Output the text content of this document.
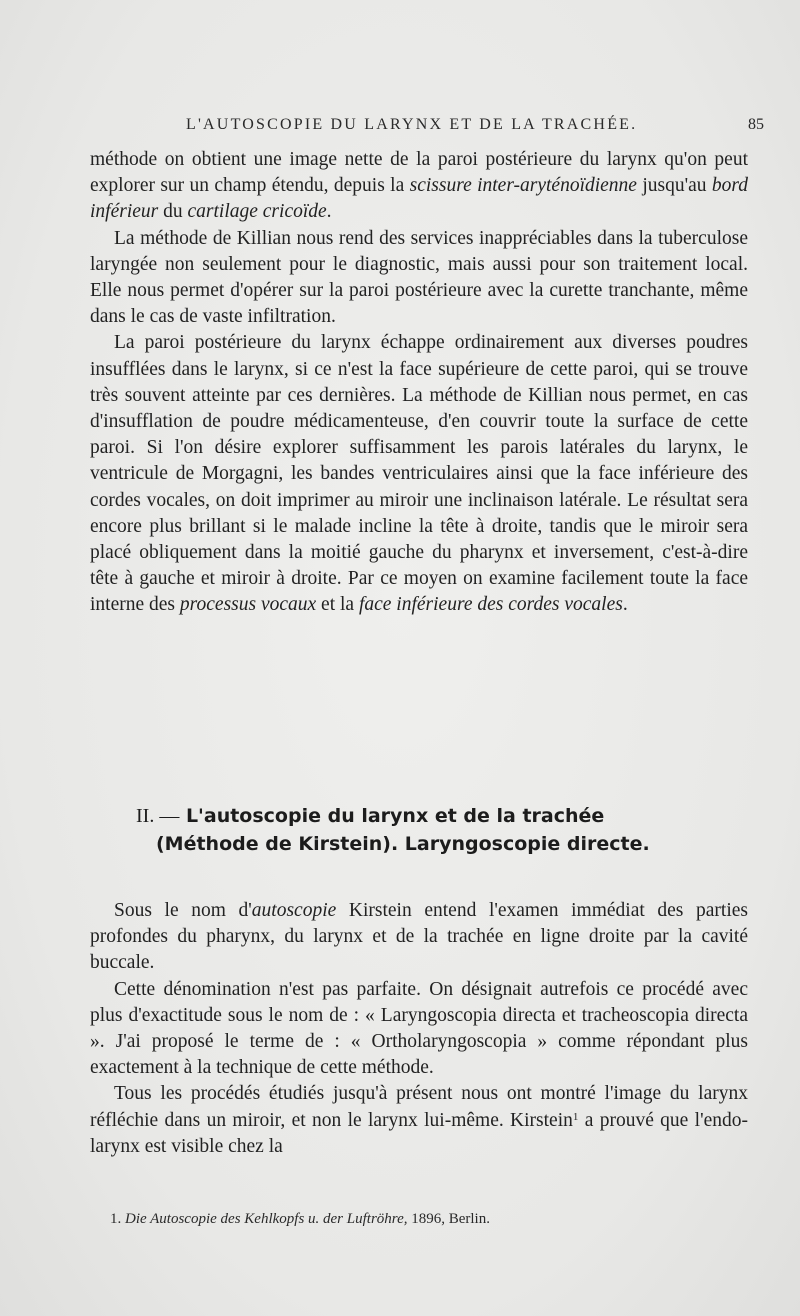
L'AUTOSCOPIE DU LARYNX ET DE LA TRACHÉE.	85

méthode on obtient une image nette de la paroi postérieure du larynx qu'on peut explorer sur un champ étendu, depuis la scissure inter-aryténoïdienne jusqu'au bord inférieur du cartilage cricoïde.

La méthode de Killian nous rend des services inappréciables dans la tuberculose laryngée non seulement pour le diagnostic, mais aussi pour son traitement local. Elle nous permet d'opérer sur la paroi postérieure avec la curette tranchante, même dans le cas de vaste infiltration.

La paroi postérieure du larynx échappe ordinairement aux diverses poudres insufflées dans le larynx, si ce n'est la face supérieure de cette paroi, qui se trouve très souvent atteinte par ces dernières. La méthode de Killian nous permet, en cas d'insufflation de poudre médicamenteuse, d'en couvrir toute la surface de cette paroi. Si l'on désire explorer suffisamment les parois latérales du larynx, le ventricule de Morgagni, les bandes ventriculaires ainsi que la face inférieure des cordes vocales, on doit imprimer au miroir une inclinaison latérale. Le résultat sera encore plus brillant si le malade incline la tête à droite, tandis que le miroir sera placé obliquement dans la moitié gauche du pharynx et inversement, c'est-à-dire tête à gauche et miroir à droite. Par ce moyen on examine facilement toute la face interne des processus vocaux et la face inférieure des cordes vocales.

II. — L'autoscopie du larynx et de la trachée
(Méthode de Kirstein). Laryngoscopie directe.

Sous le nom d'autoscopie Kirstein entend l'examen immédiat des parties profondes du pharynx, du larynx et de la trachée en ligne droite par la cavité buccale.

Cette dénomination n'est pas parfaite. On désignait autrefois ce procédé avec plus d'exactitude sous le nom de : « Laryngoscopia directa et tracheoscopia directa ». J'ai proposé le terme de : « Ortholaryngoscopia » comme répondant plus exactement à la technique de cette méthode.

Tous les procédés étudiés jusqu'à présent nous ont montré l'image du larynx réfléchie dans un miroir, et non le larynx lui-même. Kirstein$^1$ a prouvé que l'endo-larynx est visible chez la

1. Die Autoscopie des Kehlkopfs u. der Luftröhre, 1896, Berlin.
